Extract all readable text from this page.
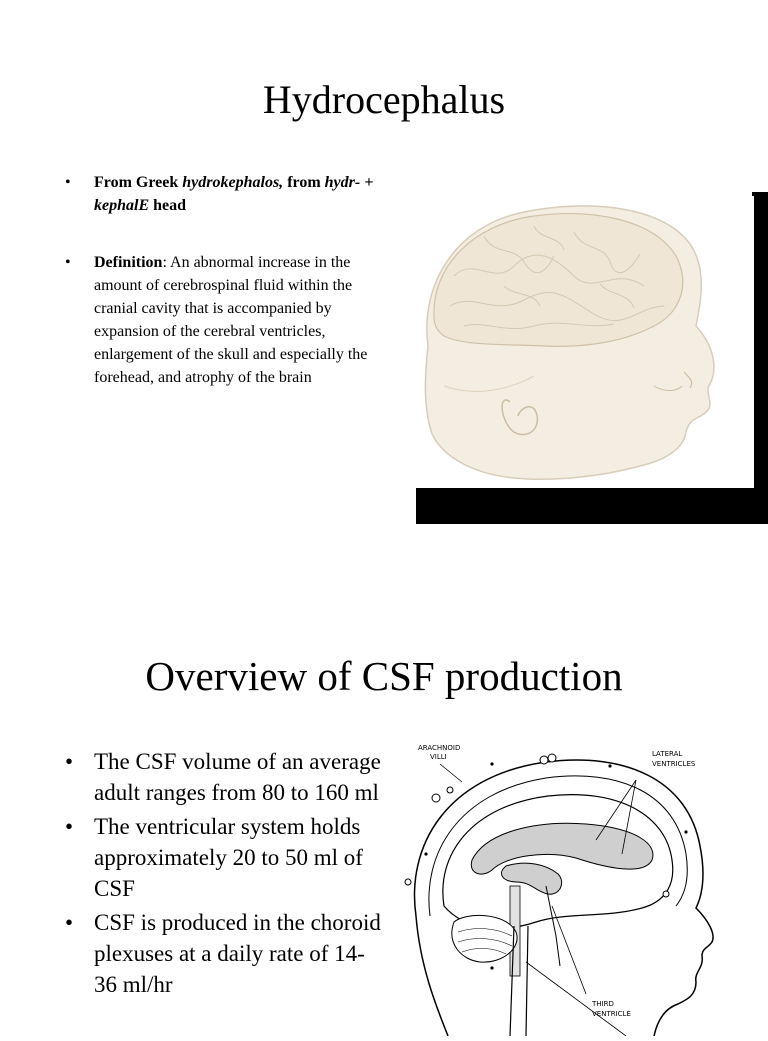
Hydrocephalus
• From Greek hydrokephalos, from hydr- + kephalE head
• Definition: An abnormal increase in the amount of cerebrospinal fluid within the cranial cavity that is accompanied by expansion of the cerebral ventricles, enlargement of the skull and especially the forehead, and atrophy of the brain
Overview of CSF production
• The CSF volume of an average adult ranges from 80 to 160 ml
• The ventricular system holds approximately 20 to 50 ml of CSF
• CSF is produced in the choroid plexuses at a daily rate of 14-36 ml/hr
ARACHNOID
VILLI	LATERAL
VENTRICLES
THIRD
VENTRICLE
